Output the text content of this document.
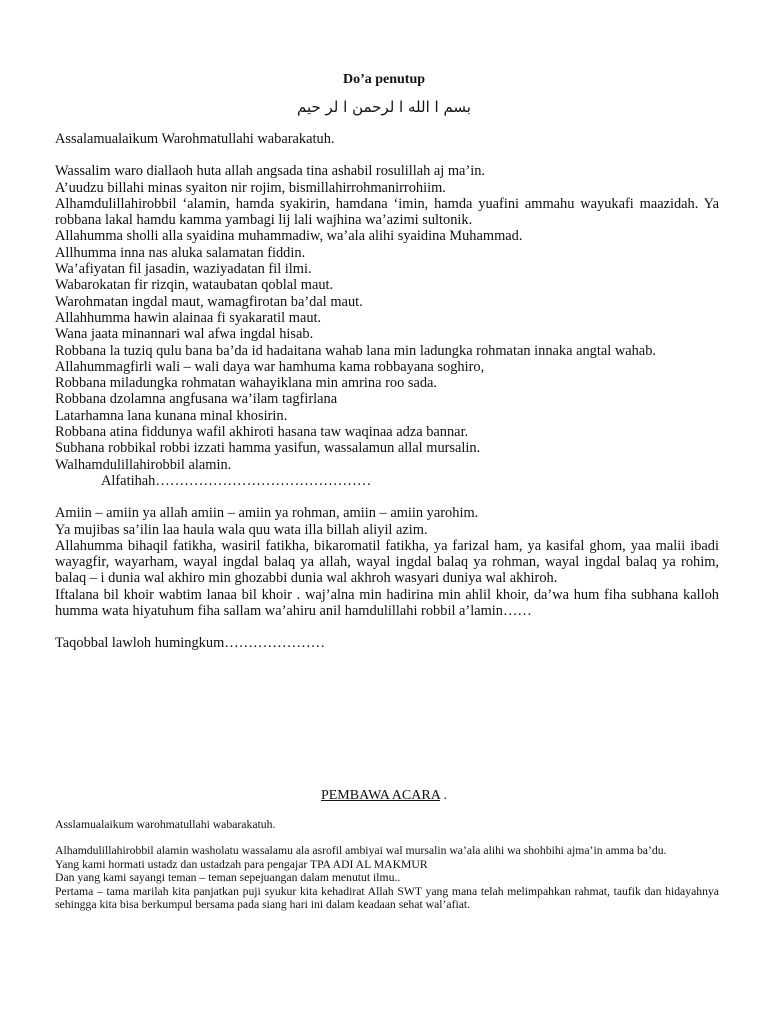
Do’a penutup
بسم ا الله ا لرحمن ا لر حيم

Assalamualaikum Warohmatullahi wabarakatuh.

Wassalim waro diallaoh huta allah angsada tina ashabil rosulillah aj ma’in.

A’uudzu billahi minas syaiton nir rojim, bismillahirrohmanirrohiim.

Alhamdulillahirobbil ‘alamin, hamda syakirin, hamdana ‘imin, hamda yuafini ammahu wayukafi maazidah. Ya robbana lakal hamdu kamma yambagi lij lali wajhina wa’azimi sultonik.

Allahumma sholli alla syaidina muhammadiw, wa’ala alihi syaidina Muhammad.

Allhumma inna nas aluka salamatan fiddin.

Wa’afiyatan fil jasadin, waziyadatan fil ilmi.

Wabarokatan fir rizqin, wataubatan qoblal maut.

Warohmatan ingdal maut, wamagfirotan ba’dal maut.

Allahhumma hawin alainaa fi syakaratil maut.

Wana jaata minannari wal afwa ingdal hisab.

Robbana la tuziq qulu bana ba’da id hadaitana wahab lana min ladungka rohmatan innaka angtal wahab.

Allahummagfirli wali – wali daya war hamhuma kama robbayana soghiro,

Robbana miladungka rohmatan wahayiklana min amrina roo sada.

Robbana dzolamna angfusana wa’ilam tagfirlana

Latarhamna lana kunana minal khosirin.

Robbana atina fiddunya wafil akhiroti hasana taw waqinaa adza bannar.

Subhana robbikal robbi izzati hamma yasifun, wassalamun allal mursalin.

Walhamdulillahirobbil alamin.

Alfatihah………………………………………

Amiin – amiin ya allah amiin – amiin ya rohman, amiin – amiin yarohim.

Ya mujibas sa’ilin laa haula wala quu wata illa billah aliyil azim.

Allahumma bihaqil fatikha, wasiril fatikha, bikaromatil fatikha, ya farizal ham, ya kasifal ghom, yaa malii ibadi wayagfir, wayarham, wayal ingdal balaq ya allah, wayal ingdal balaq ya rohman, wayal ingdal balaq ya rohim, balaq – i dunia wal akhiro min ghozabbi dunia wal akhroh wasyari duniya wal akhiroh.

Iftalana bil khoir wabtim lanaa bil khoir . waj’alna min hadirina min ahlil khoir, da’wa hum fiha subhana kalloh humma wata hiyatuhum fiha sallam wa’ahiru anil hamdulillahi robbil a’lamin……

Taqobbal lawloh humingkum…………………

PEMBAWA ACARA .

Asslamualaikum warohmatullahi wabarakatuh.

Alhamdulillahirobbil alamin washolatu wassalamu ala asrofil ambiyai wal mursalin wa’ala alihi wa shohbihi ajma’in amma ba’du.

Yang kami hormati ustadz dan ustadzah para pengajar TPA ADI AL MAKMUR

Dan yang kami sayangi teman – teman sepejuangan dalam menutut ilmu..

Pertama – tama marilah kita panjatkan puji syukur kita kehadirat Allah SWT yang mana telah melimpahkan rahmat, taufik dan hidayahnya sehingga kita bisa berkumpul bersama pada siang hari ini dalam keadaan sehat wal’afiat.
